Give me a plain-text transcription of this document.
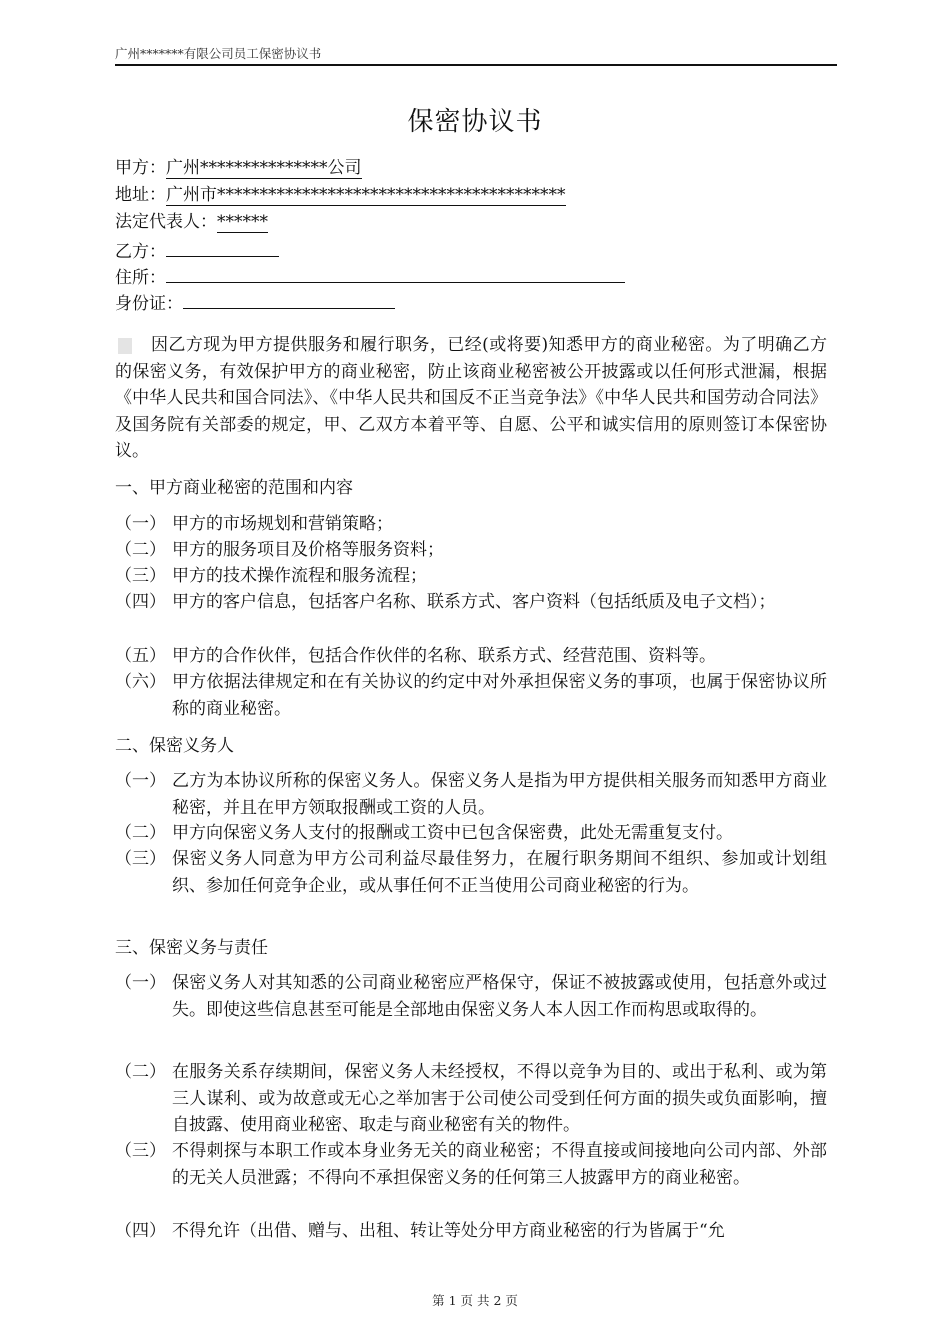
广州*******有限公司员工保密协议书
保密协议书
甲方：广州***************公司
地址：广州市*****************************************
法定代表人：******
乙方：
住所：
身份证：
因乙方现为甲方提供服务和履行职务，已经(或将要)知悉甲方的商业秘密。为了明确乙方的保密义务，有效保护甲方的商业秘密，防止该商业秘密被公开披露或以任何形式泄漏，根据《中华人民共和国合同法》、《中华人民共和国反不正当竞争法》《中华人民共和国劳动合同法》及国务院有关部委的规定，甲、乙双方本着平等、自愿、公平和诚实信用的原则签订本保密协议。
一、甲方商业秘密的范围和内容
（一） 甲方的市场规划和营销策略；
（二） 甲方的服务项目及价格等服务资料；
（三） 甲方的技术操作流程和服务流程；
（四） 甲方的客户信息，包括客户名称、联系方式、客户资料（包括纸质及电子文档）；
（五） 甲方的合作伙伴，包括合作伙伴的名称、联系方式、经营范围、资料等。
（六） 甲方依据法律规定和在有关协议的约定中对外承担保密义务的事项，也属于保密协议所称的商业秘密。
二、保密义务人
（一） 乙方为本协议所称的保密义务人。保密义务人是指为甲方提供相关服务而知悉甲方商业秘密，并且在甲方领取报酬或工资的人员。
（二） 甲方向保密义务人支付的报酬或工资中已包含保密费，此处无需重复支付。
（三） 保密义务人同意为甲方公司利益尽最佳努力，在履行职务期间不组织、参加或计划组织、参加任何竞争企业，或从事任何不正当使用公司商业秘密的行为。
三、保密义务与责任
（一） 保密义务人对其知悉的公司商业秘密应严格保守，保证不被披露或使用，包括意外或过失。即使这些信息甚至可能是全部地由保密义务人本人因工作而构思或取得的。
（二） 在服务关系存续期间，保密义务人未经授权，不得以竞争为目的、或出于私利、或为第三人谋利、或为故意或无心之举加害于公司使公司受到任何方面的损失或负面影响，擅自披露、使用商业秘密、取走与商业秘密有关的物件。
（三） 不得刺探与本职工作或本身业务无关的商业秘密；不得直接或间接地向公司内部、外部的无关人员泄露；不得向不承担保密义务的任何第三人披露甲方的商业秘密。
（四） 不得允许（出借、赠与、出租、转让等处分甲方商业秘密的行为皆属于“允
第 1 页 共 2 页
